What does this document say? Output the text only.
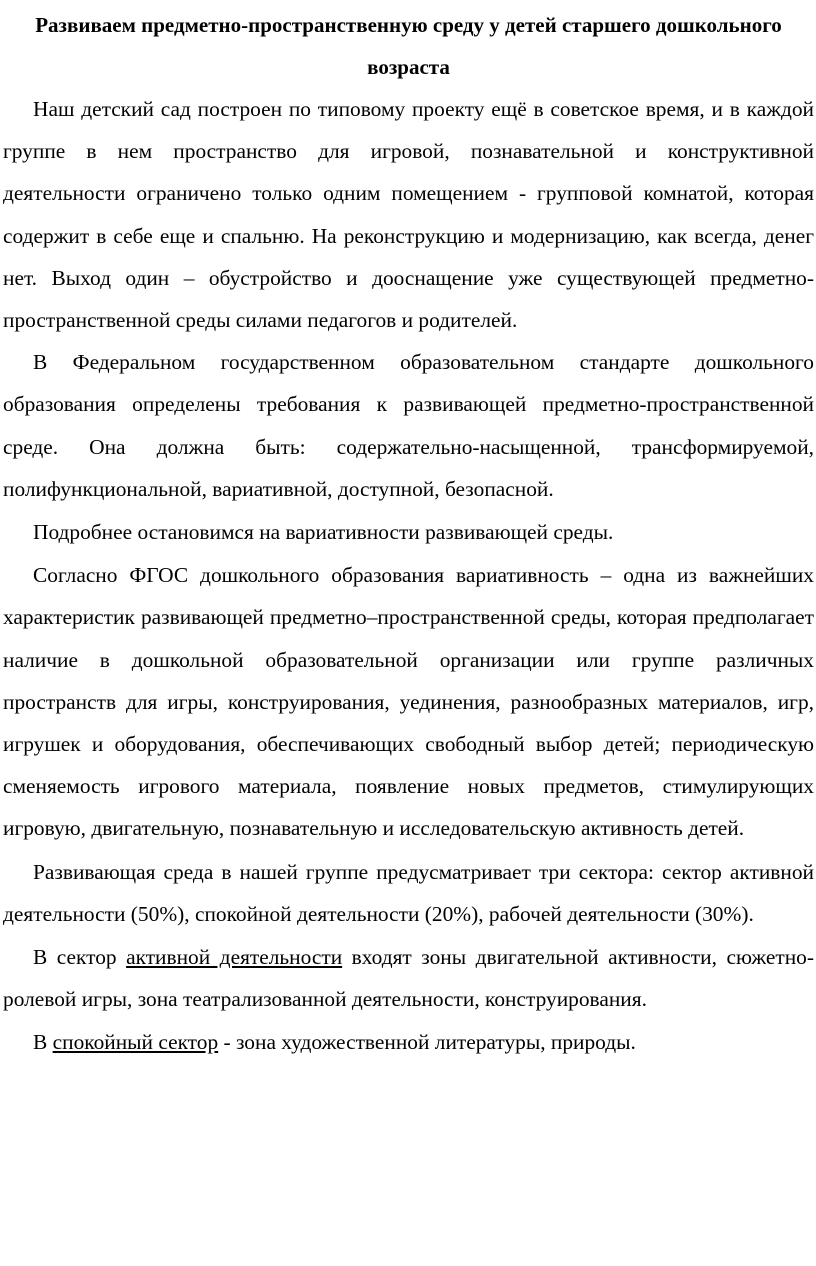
Развиваем предметно-пространственную среду у детей старшего дошкольного возраста

Наш детский сад построен по типовому проекту ещё в советское время, и в каждой группе в нем пространство для игровой, познавательной и конструктивной деятельности ограничено только одним помещением - групповой комнатой, которая содержит в себе еще и спальню. На реконструкцию и модернизацию, как всегда, денег нет. Выход один – обустройство и дооснащение уже существующей предметно-пространственной среды силами педагогов и родителей.

В Федеральном государственном образовательном стандарте дошкольного образования определены требования к развивающей предметно-пространственной среде. Она должна быть: содержательно-насыщенной, трансформируемой, полифункциональной, вариативной, доступной, безопасной.

Подробнее остановимся на вариативности развивающей среды.

Согласно ФГОС дошкольного образования вариативность – одна из важнейших характеристик развивающей предметно–пространственной среды, которая предполагает наличие в дошкольной образовательной организации или группе различных пространств для игры, конструирования, уединения, разнообразных материалов, игр, игрушек и оборудования, обеспечивающих свободный выбор детей; периодическую сменяемость игрового материала, появление новых предметов, стимулирующих игровую, двигательную, познавательную и исследовательскую активность детей.

Развивающая среда в нашей группе предусматривает три сектора: сектор активной деятельности (50%), спокойной деятельности (20%), рабочей деятельности (30%).

В сектор активной деятельности входят зоны двигательной активности, сюжетно-ролевой игры, зона театрализованной деятельности, конструирования.

В спокойный сектор - зона художественной литературы, природы.
